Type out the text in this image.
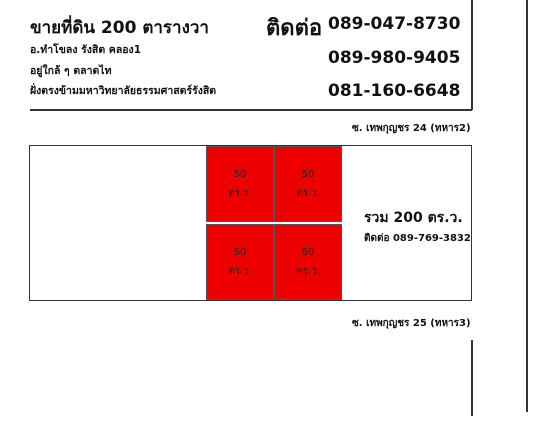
ขายที่ดิน 200 ตารางวา
อ.ทำโขลง รังสิต คลอง1
อยู่ใกล้ ๆ ตลาดไท
ฝั่งตรงข้ามมหาวิทยาลัยธรรมศาสตร์รังสิต
ติดต่อ 089-047-8730
089-980-9405
081-160-6648
ซ. เทพกุญชร 24 (ทหาร2)
ซ. เทพกุญชร 25 (ทหาร3)
50
ตร.ว.
50
ตร.ว.
50
ตร.ว.
50
ตร.ว.
รวม 200 ตร.ว.
ติดต่อ 089-769-3832
